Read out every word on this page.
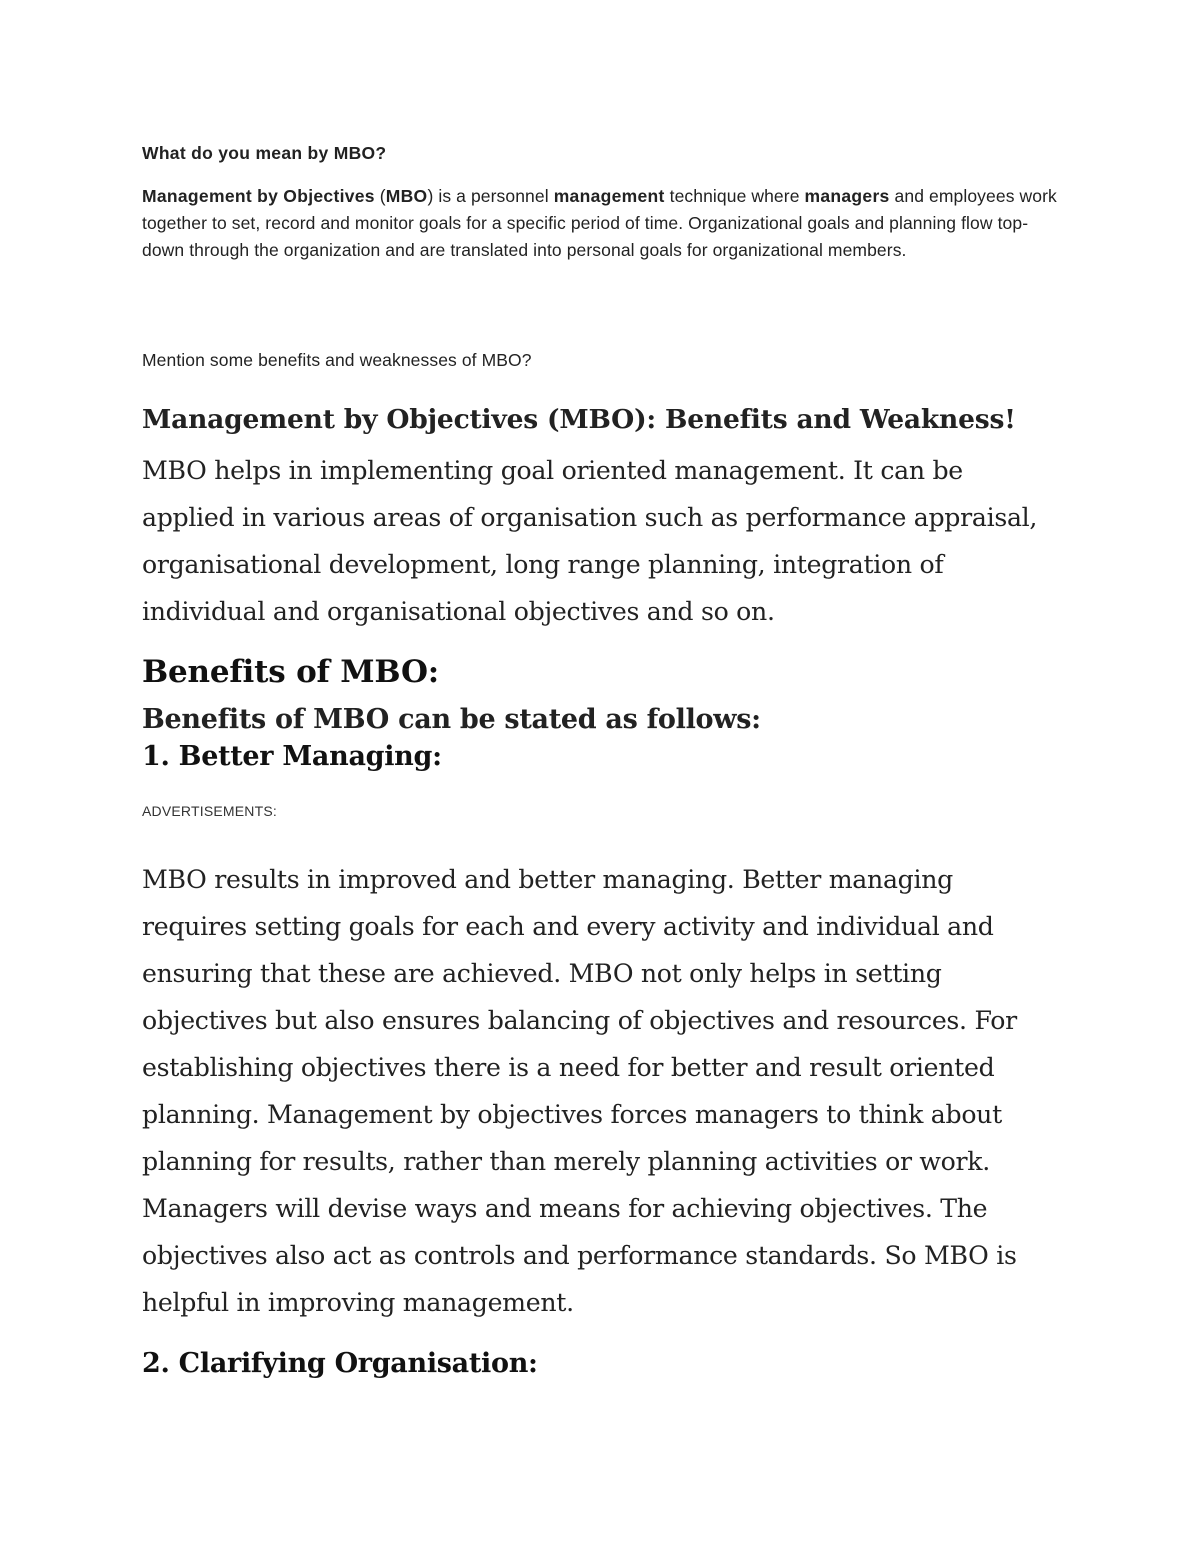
What do you mean by MBO?

Management by Objectives (MBO) is a personnel management technique where managers and employees work together to set, record and monitor goals for a specific period of time. Organizational goals and planning flow top-down through the organization and are translated into personal goals for organizational members.

Mention some benefits and weaknesses of MBO?

Management by Objectives (MBO): Benefits and Weakness!

MBO helps in implementing goal oriented management. It can be applied in various areas of organisation such as performance appraisal, organisational development, long range planning, integration of individual and organisational objectives and so on.

Benefits of MBO:
Benefits of MBO can be stated as follows:
1. Better Managing:

ADVERTISEMENTS:

MBO results in improved and better managing. Better managing requires setting goals for each and every activity and individual and ensuring that these are achieved. MBO not only helps in setting objectives but also ensures balancing of objectives and resources. For establishing objectives there is a need for better and result oriented planning. Management by objectives forces managers to think about planning for results, rather than merely planning activities or work. Managers will devise ways and means for achieving objectives. The objectives also act as controls and performance standards. So MBO is helpful in improving management.

2. Clarifying Organisation:
